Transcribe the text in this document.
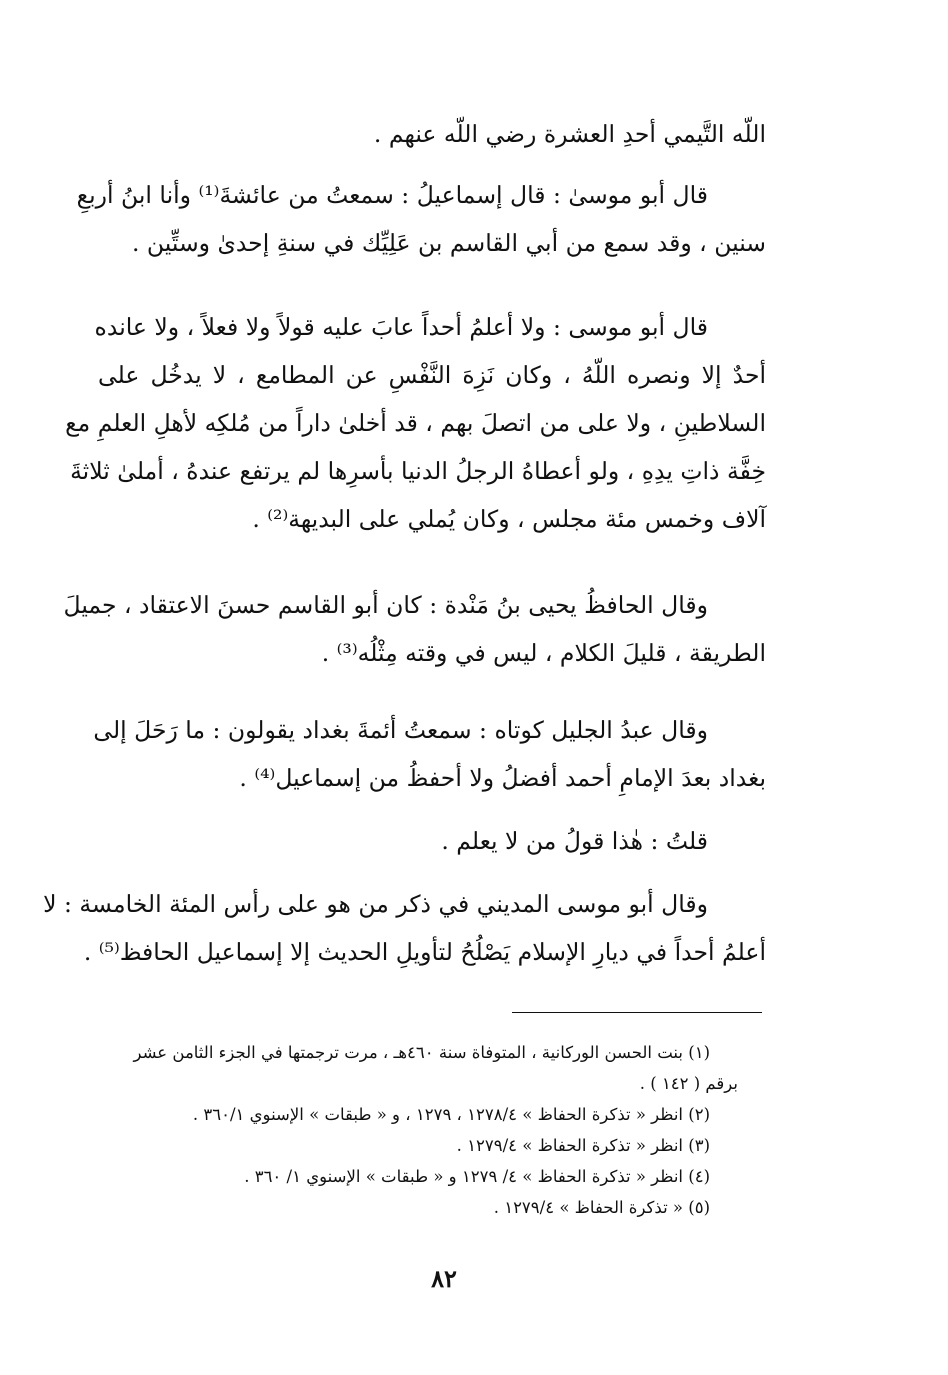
اللّه التَّيمي أحدِ العشرة رضي اللّه عنهم .
قال أبو موسىٰ : قال إسماعيلُ : سمعتُ من عائشةَ⁽¹⁾ وأنا ابنُ أربعِ
سنين ، وقد سمع من أبي القاسم بن عَلِيِّك في سنةِ إحدىٰ وستِّين .
قال أبو موسى : ولا أعلمُ أحداً عابَ عليه قولاً ولا فعلاً ، ولا عانده
أحدٌ إلا ونصره اللّهُ ، وكان نَزِهَ النَّفْسِ عن المطامع ، لا يدخُل على
السلاطينِ ، ولا على من اتصلَ بهم ، قد أخلىٰ داراً من مُلكِه لأهلِ العلمِ مع
خِفَّة ذاتِ يدِهِ ، ولو أعطاهُ الرجلُ الدنيا بأسرِها لم يرتفع عندهُ ، أملىٰ ثلاثةَ
آلاف وخمس مئة مجلس ، وكان يُملي على البديهة⁽²⁾ .
وقال الحافظُ يحيى بنُ مَنْدة : كان أبو القاسم حسنَ الاعتقاد ، جميلَ
الطريقة ، قليلَ الكلام ، ليس في وقته مِثْلُه⁽³⁾ .
وقال عبدُ الجليل كوتاه : سمعتُ أئمةَ بغداد يقولون : ما رَحَلَ إلى
بغداد بعدَ الإمامِ أحمد أفضلُ ولا أحفظُ من إسماعيل⁽⁴⁾ .
قلتُ : هٰذا قولُ من لا يعلم .
وقال أبو موسى المديني في ذكر من هو على رأس المئة الخامسة : لا
أعلمُ أحداً في ديارِ الإسلام يَصْلُحُ لتأويلِ الحديث إلا إسماعيل الحافظ⁽⁵⁾ .
(١) بنت الحسن الوركانية ، المتوفاة سنة ٤٦٠هـ ، مرت ترجمتها في الجزء الثامن عشر
برقم ( ١٤٢ ) .
(٢) انظر « تذكرة الحفاظ » ١٢٧٨/٤ ، ١٢٧٩ ، و « طبقات » الإسنوي ٣٦٠/١ .
(٣) انظر « تذكرة الحفاظ » ١٢٧٩/٤ .
(٤) انظر « تذكرة الحفاظ » ٤/ ١٢٧٩ و « طبقات » الإسنوي ١/ ٣٦٠ .
(٥) « تذكرة الحفاظ » ١٢٧٩/٤ .
٨٢
